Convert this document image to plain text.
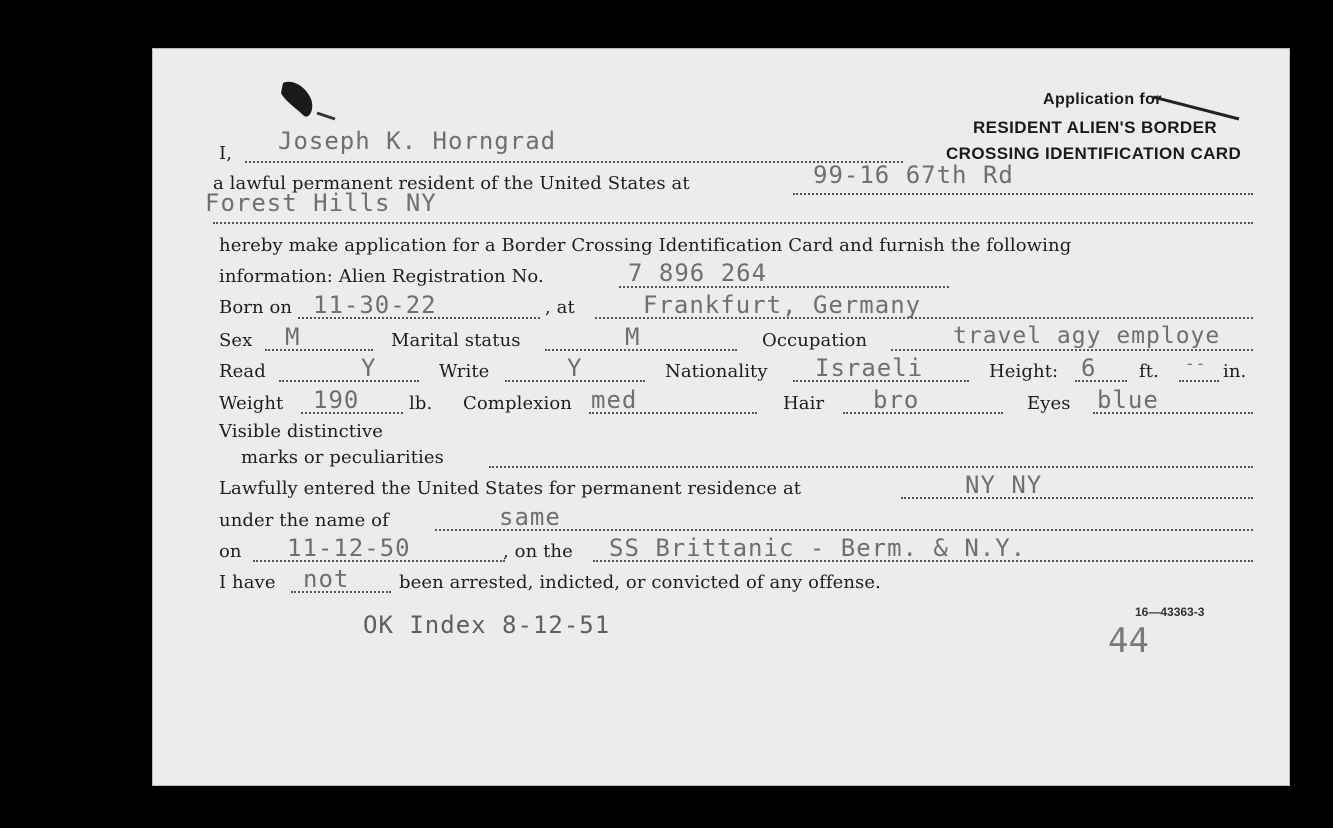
Application for
RESIDENT ALIEN'S BORDER
CROSSING IDENTIFICATION CARD
I, Joseph K. Horngrad
a lawful permanent resident of the United States at	99-16 67th Rd
Forest Hills NY
hereby make application for a Border Crossing Identification Card and furnish the following
information: Alien Registration No.	7 896 264
Born on 11-30-22	, at	Frankfurt, Germany
Sex M	Marital status	M	Occupation	travel agy employe
Read	Y	Write	Y	Nationality Israeli	Height: 6 ft. -- in.
Weight 190	lb. Complexion med	Hair bro	Eyes blue
Visible distinctive
marks or peculiarities
Lawfully entered the United States for permanent residence at	NY NY
under the name of	same
on 11-12-50	, on the SS Brittanic - Berm. & N.Y.
I have not	been arrested, indicted, or convicted of any offense.
16—43363-3
OK Index 8-12-51	44
